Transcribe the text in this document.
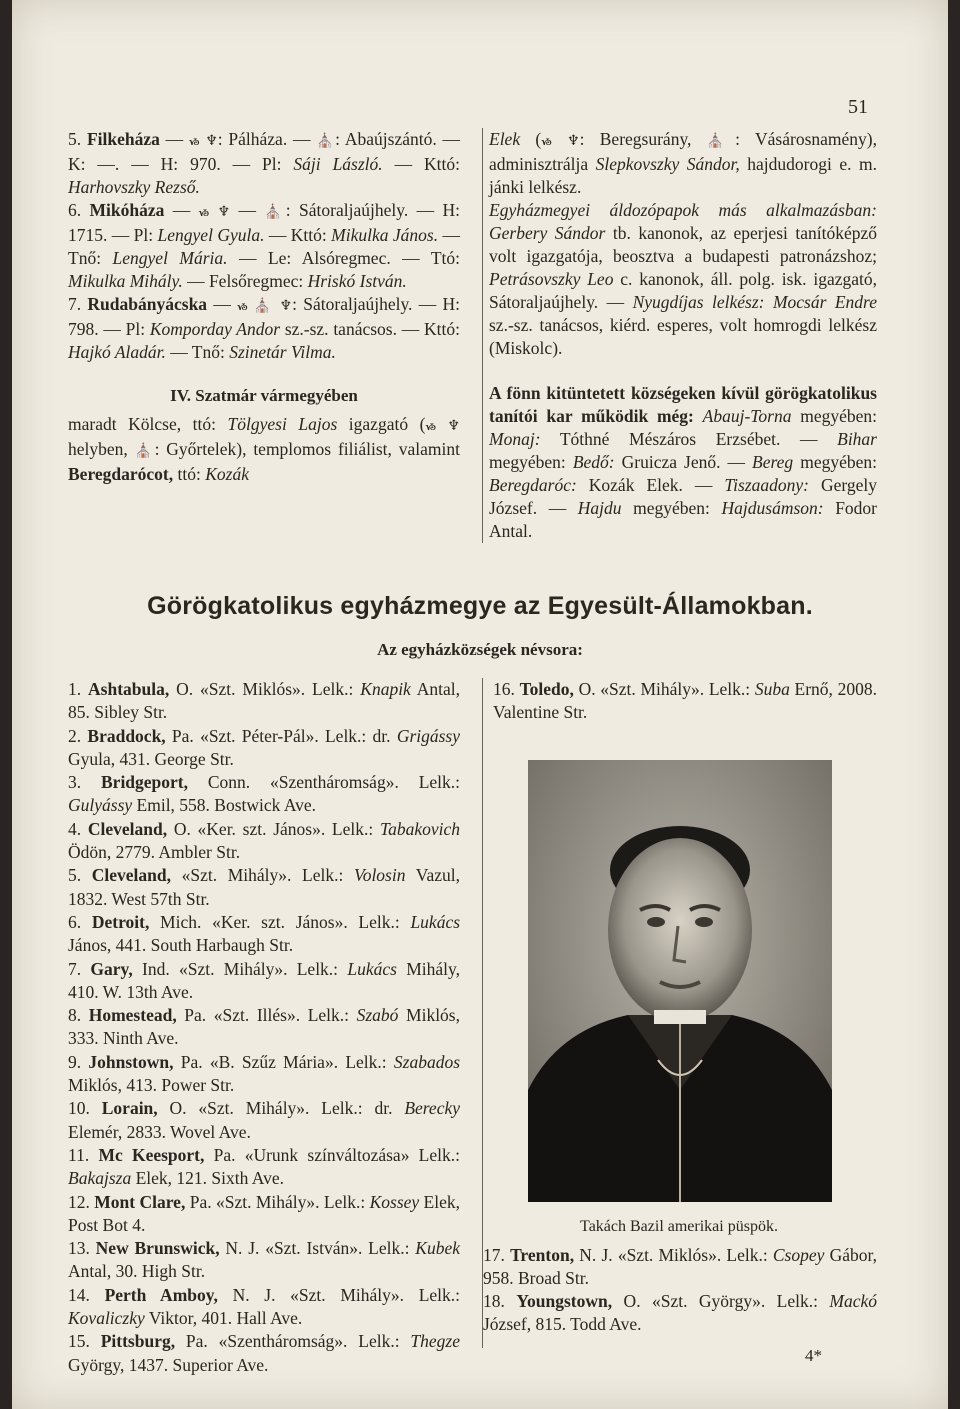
51

5. Filkeháza — ᏹ ♆: Pálháza. — ⛪: Abaújszántó. — K: —. — H: 970. — Pl: Sáji László. — Kttó: Harhovszky Rezső.

6. Mikóháza — ᏹ ♆ — ⛪: Sátoraljaújhely. — H: 1715. — Pl: Lengyel Gyula. — Kttó: Mikulka János. — Tnő: Lengyel Mária. — Le: Alsóregmec. — Ttó: Mikulka Mihály. — Felsőregmec: Hriskó István.

7. Rudabányácska — ᏹ ⛪ ♆: Sátoraljaújhely. — H: 798. — Pl: Komporday Andor sz.-sz. tanácsos. — Kttó: Hajkó Aladár. — Tnő: Szinetár Vilma.

IV. Szatmár vármegyében

maradt Kölcse, ttó: Tölgyesi Lajos igazgató (ᏹ ♆ helyben, ⛪: Győrtelek), templomos filiálist, valamint Beregdarócot, ttó: Kozák

Elek (ᏹ ♆: Beregsurány, ⛪: Vásárosnamény), adminisztrálja Slepkovszky Sándor, hajdudorogi e. m. jánki lelkész.

Egyházmegyei áldozópapok más alkalmazásban: Gerbery Sándor tb. kanonok, az eperjesi tanítóképző volt igazgatója, beosztva a budapesti patronázshoz; Petrásovszky Leo c. kanonok, áll. polg. isk. igazgató, Sátoraljaújhely. — Nyugdíjas lelkész: Mocsár Endre sz.-sz. tanácsos, kiérd. esperes, volt homrogdi lelkész (Miskolc).

A fönn kitüntetett községeken kívül görögkatolikus tanítói kar működik még: Abauj-Torna megyében: Monaj: Tóthné Mészáros Erzsébet. — Bihar megyében: Bedő: Gruicza Jenő. — Bereg megyében: Beregdaróc: Kozák Elek. — Tiszaadony: Gergely József. — Hajdu megyében: Hajdusámson: Fodor Antal.

Görögkatolikus egyházmegye az Egyesült-Államokban.
Az egyházközségek névsora:

1. Ashtabula, O. «Szt. Miklós». Lelk.: Knapik Antal, 85. Sibley Str.

2. Braddock, Pa. «Szt. Péter-Pál». Lelk.: dr. Grigássy Gyula, 431. George Str.

3. Bridgeport, Conn. «Szentháromság». Lelk.: Gulyássy Emil, 558. Bostwick Ave.

4. Cleveland, O. «Ker. szt. János». Lelk.: Tabakovich Ödön, 2779. Ambler Str.

5. Cleveland, «Szt. Mihály». Lelk.: Volosin Vazul, 1832. West 57th Str.

6. Detroit, Mich. «Ker. szt. János». Lelk.: Lukács János, 441. South Harbaugh Str.

7. Gary, Ind. «Szt. Mihály». Lelk.: Lukács Mihály, 410. W. 13th Ave.

8. Homestead, Pa. «Szt. Illés». Lelk.: Szabó Miklós, 333. Ninth Ave.

9. Johnstown, Pa. «B. Szűz Mária». Lelk.: Szabados Miklós, 413. Power Str.

10. Lorain, O. «Szt. Mihály». Lelk.: dr. Berecky Elemér, 2833. Wovel Ave.

11. Mc Keesport, Pa. «Urunk színváltozása» Lelk.: Bakajsza Elek, 121. Sixth Ave.

12. Mont Clare, Pa. «Szt. Mihály». Lelk.: Kossey Elek, Post Bot 4.

13. New Brunswick, N. J. «Szt. István». Lelk.: Kubek Antal, 30. High Str.

14. Perth Amboy, N. J. «Szt. Mihály». Lelk.: Kovaliczky Viktor, 401. Hall Ave.

15. Pittsburg, Pa. «Szentháromság». Lelk.: Thegze György, 1437. Superior Ave.

16. Toledo, O. «Szt. Mihály». Lelk.: Suba Ernő, 2008. Valentine Str.

Takách Bazil amerikai püspök.

17. Trenton, N. J. «Szt. Miklós». Lelk.: Csopey Gábor, 958. Broad Str.

18. Youngstown, O. «Szt. György». Lelk.: Mackó József, 815. Todd Ave.

4*
